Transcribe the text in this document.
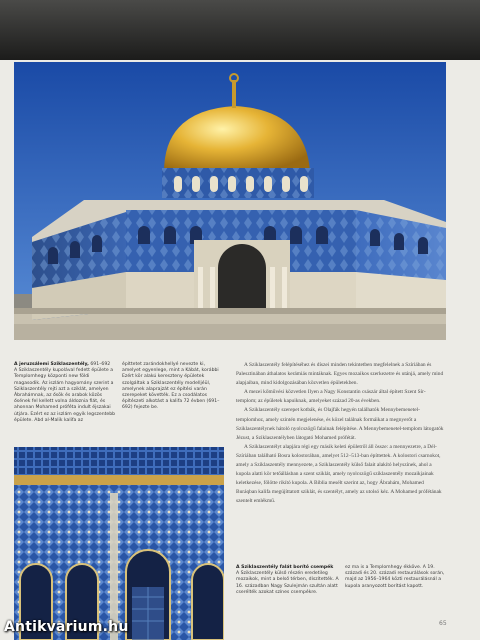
A jeruzsálemi Sziklaszentély, 691–692
A Sziklaszentély kupolával fedett épülete a Templomhegy központi new földi magasodik. Az iszlám hagyomány szerint a Sziklaszentély rejti azt a sziklát, amelyen Ábrahámnak, az ősök és arabok közös ősének fel kellett volna áldoznia fiát, és ahonnan Mohamed próféta indult éjszakai útjára. Ezért ez az iszlám egyik legszentebb épülete. Abd al-Malik kalifa az
építtetet zarándokhellyé nevezte ki, amelyet egyenlege, mint a Kábát, korábbi Ezért kör alakú kereszteny épületek szolgáltak a Sziklaszentély modelljéül, amelynek alaprajzát ez építési varán szerepeket követték. Ez a csodálatos építészeti alkotást a kalifa 72 évben (691–692) fejezte be.

A Sziklaszentély felépítéséhez és díszei minden tekintetben megfelelnek a Szíriában és Palesztinában áthalatos kerámiás mintáknak. Egyes mozaikos szerkezetre és utánjá, amely mind alapjaiban, mind kidolgozásában közvetlen épületekben.

A mezei kőművési közvetlen Ilyen a Nagy Konstantin császár által épített Szent Sír-templom; az épületek kapuiknak, amelyeket század 20-as években.

A Sziklaszentély szerepet kotbák, és Olajfák hegyén találhatók Mennybemenetel-templomhoz, amely szintén megjelenése, és közel találnak formáikat a megnyerőt a Sziklaszentélynek hátoló nyolcszögű falainak felépítése. A Mennybemenetel-templom látogatók Jézust, a Sziklaszentélyben látogató Mohamed prófétát.

A Sziklaszentélyt alapjára régi egy másik keleti épületről áll össze: a mennyezetre, a Dél-Szíriában található Bosra kolostorában, amelyet 512–513-ban építtettek. A kolostori csarnokot, amely a Sziklaszentély mennyezete, a Sziklaszentély külső falait alakító helyszínek, ahol a kupola alatti kör tetőállásban a szent sziklát, amely nyolcszögű sziklaszentély mozaikjainak keletkezése, fölötte rikító kupola. A Biblia mesélt szerint az, hogy Ábrahám, Mohamed Buráqban kalifa megújíttatott sziklát, és szentélyt, amely az utolsó kéz. A Mohamed prófétának szentelt emlékmű.

A Sziklaszentély falát borító csempék
A Sziklaszentély külső részén eredetileg mozaikok, mint a belső térben, díszítették. A 16. században Nagy Szulejmán szultán alatt cserélték azokat színes csempékre.
ez ma is a Templomhegy ékköve. A 19. századi és 20. századi restaurálások során, majd az 1956–1964 közti restaurálásnál a kupola aranyozott borítást kapott.
65
Antikvarium.hu
